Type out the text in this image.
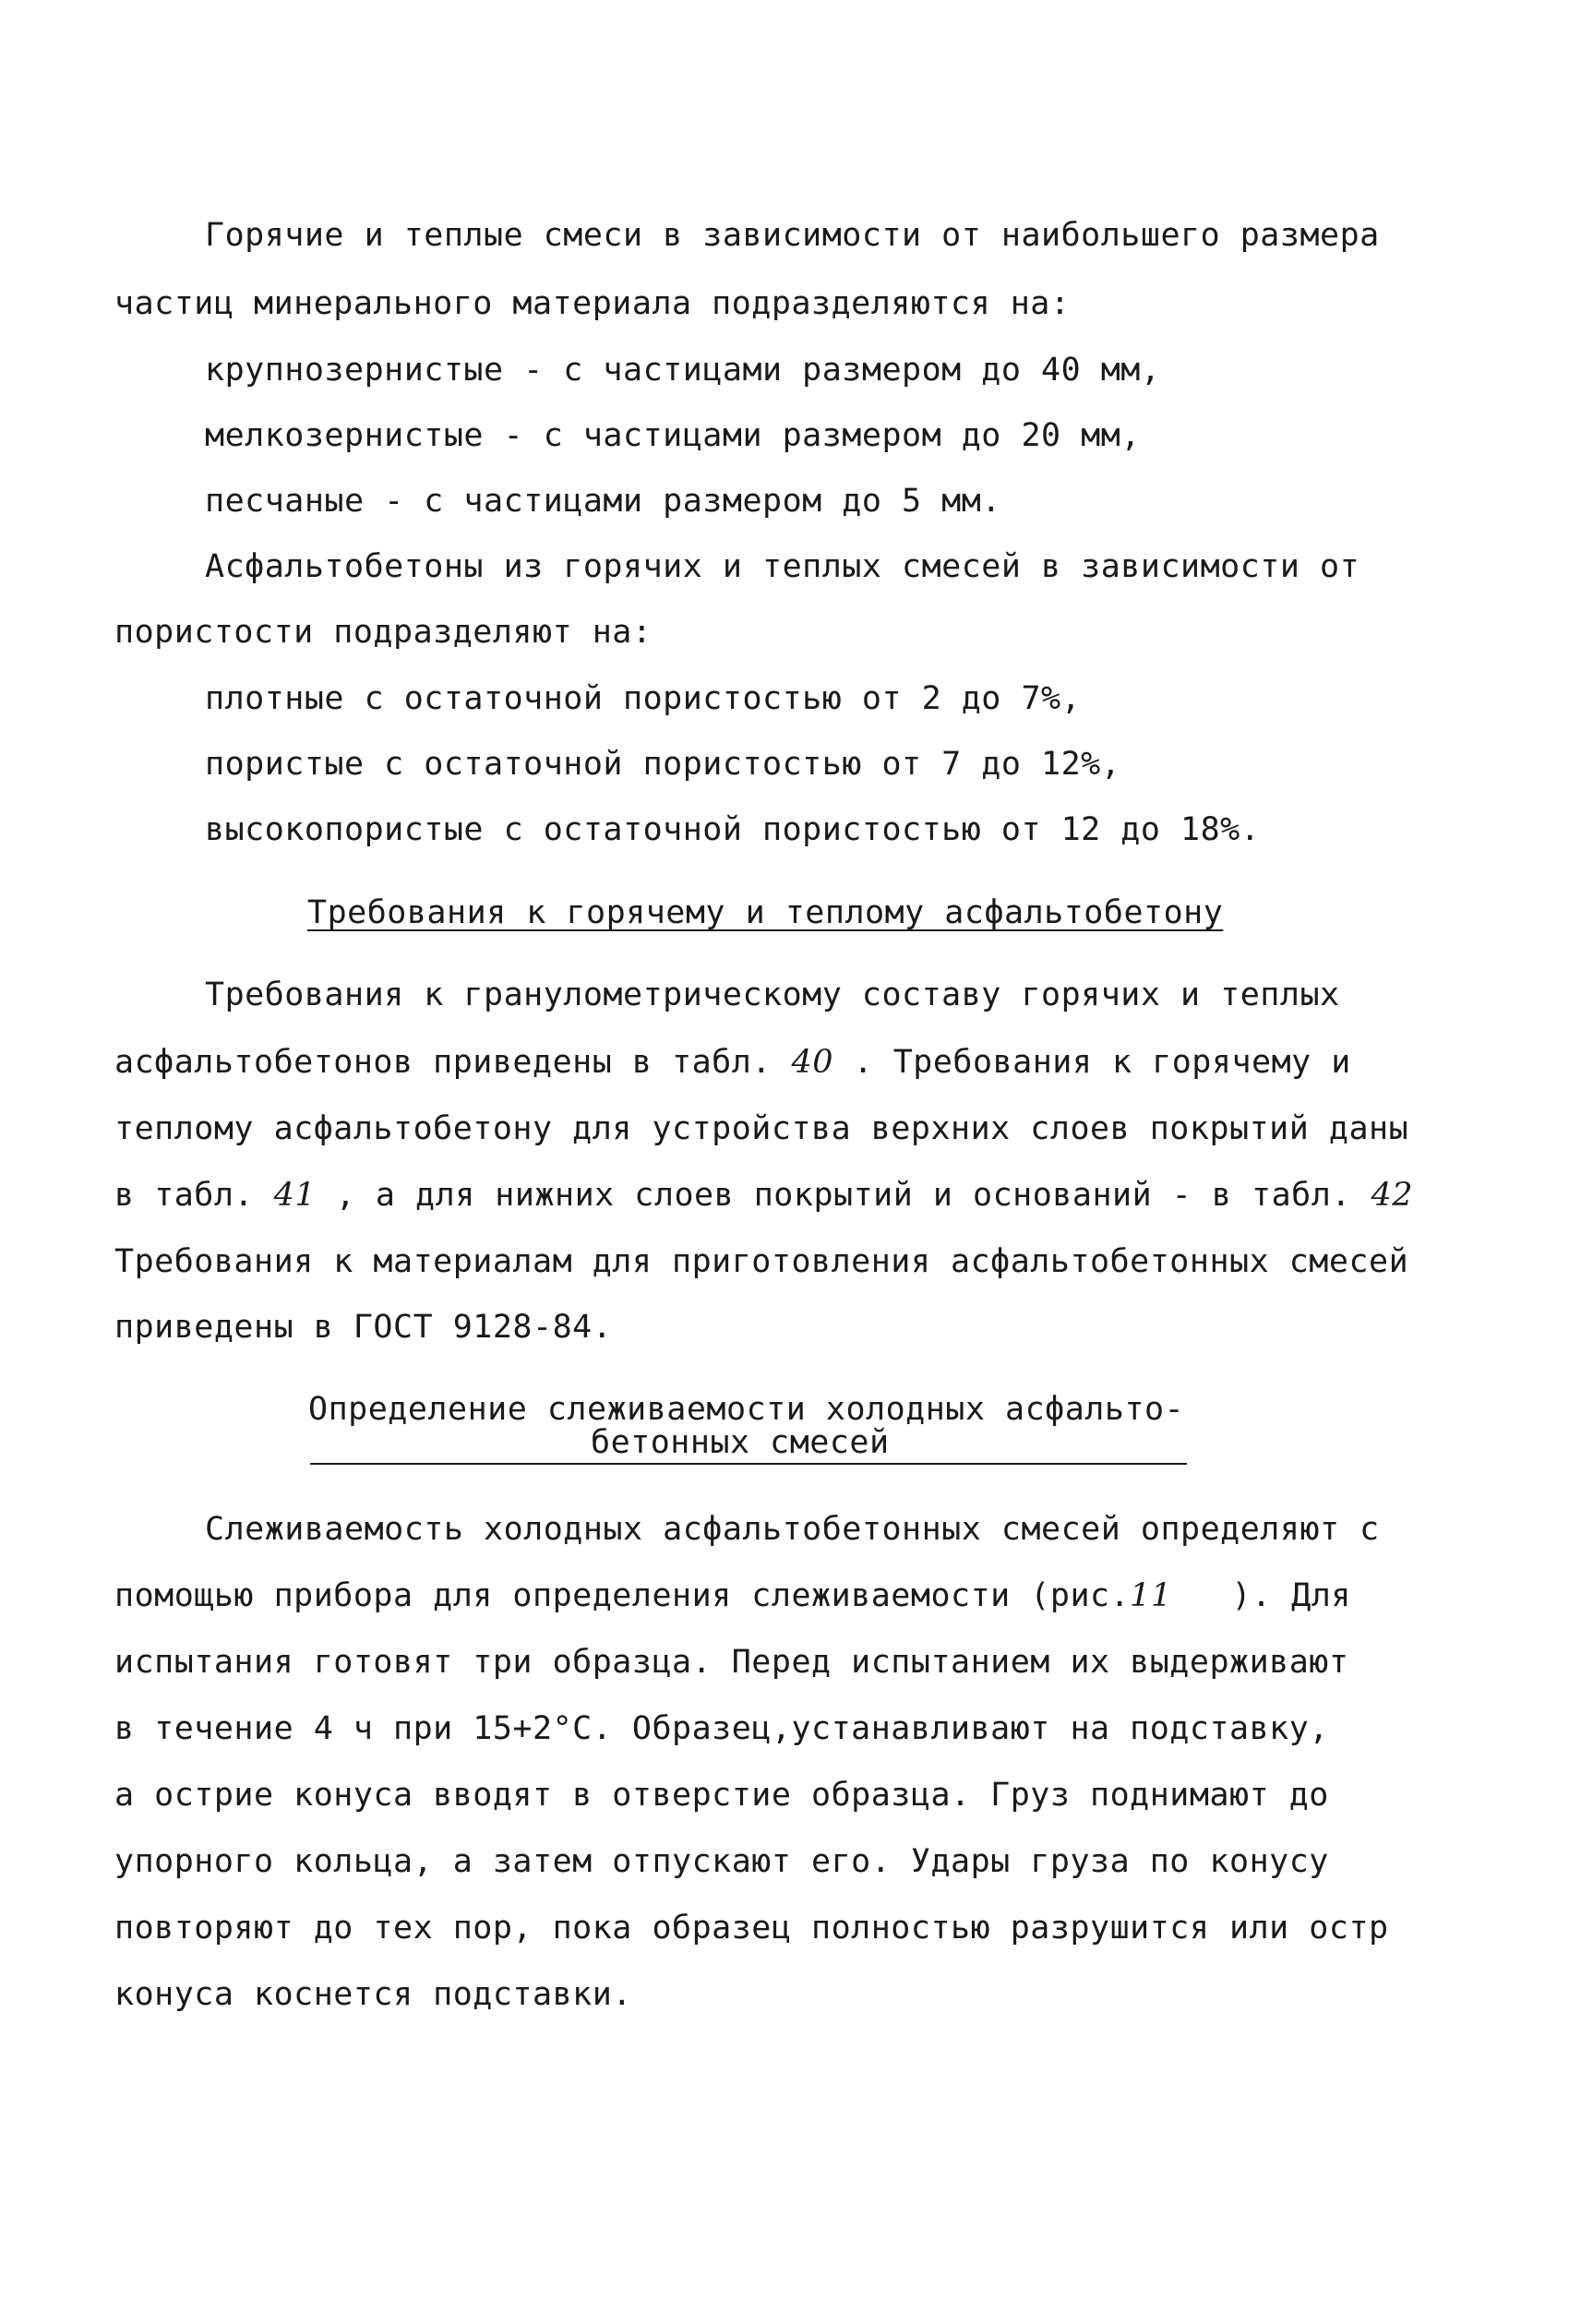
Горячие и теплые смеси в зависимости от наибольшего размера
частиц минерального материала подразделяются на:
крупнозернистые - с частицами размером до 40 мм,
мелкозернистые - с частицами размером до 20 мм,
песчаные - с частицами размером до 5 мм.
Асфальтобетоны из горячих и теплых смесей в зависимости от
пористости подразделяют на:
плотные с остаточной пористостью от 2 до 7%,
пористые с остаточной пористостью от 7 до 12%,
высокопористые с остаточной пористостью от 12 до 18%.
Требования к горячему и теплому асфальтобетону
Требования к гранулометрическому составу горячих и теплых
асфальтобетонов приведены в табл. 40 . Требования к горячему и
теплому асфальтобетону для устройства верхних слоев покрытий даны
в табл. 41 , а для нижних слоев покрытий и оснований - в табл. 42
Требования к материалам для приготовления асфальтобетонных смесей
приведены в ГОСТ 9128-84.
Определение слеживаемости холодных асфальто-
бетонных смесей
Слеживаемость холодных асфальтобетонных смесей определяют с
помощью прибора для определения слеживаемости (рис.11 ). Для
испытания готовят три образца. Перед испытанием их выдерживают
в течение 4 ч при 15+2°С. Образец,устанавливают на подставку,
а острие конуса вводят в отверстие образца. Груз поднимают до
упорного кольца, а затем отпускают его. Удары груза по конусу
повторяют до тех пор, пока образец полностью разрушится или остр
конуса коснется подставки.
